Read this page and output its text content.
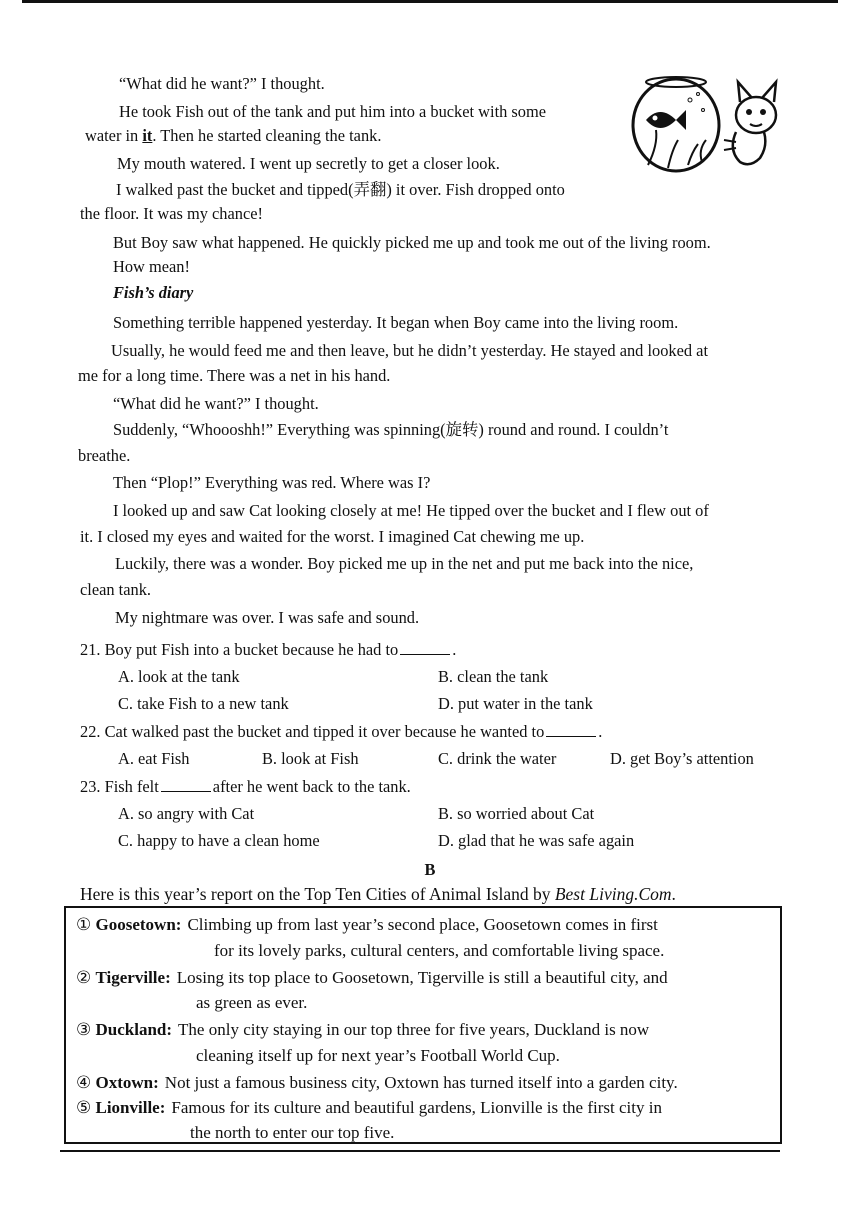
“What did he want?” I thought.
He took Fish out of the tank and put him into a bucket with some
water in it. Then he started cleaning the tank.
My mouth watered. I went up secretly to get a closer look.
I walked past the bucket and tipped(弄翻) it over. Fish dropped onto
the floor. It was my chance!
But Boy saw what happened. He quickly picked me up and took me out of the living room.
How mean!
Fish’s diary
Something terrible happened yesterday. It began when Boy came into the living room.
Usually, he would feed me and then leave, but he didn’t yesterday. He stayed and looked at
me for a long time. There was a net in his hand.
“What did he want?” I thought.
Suddenly, “Whoooshh!” Everything was spinning(旋转) round and round. I couldn’t
breathe.
Then “Plop!” Everything was red. Where was I?
I looked up and saw Cat looking closely at me! He tipped over the bucket and I flew out of
it. I closed my eyes and waited for the worst. I imagined Cat chewing me up.
Luckily, there was a wonder. Boy picked me up in the net and put me back into the nice,
clean tank.
My nightmare was over. I was safe and sound.
21. Boy put Fish into a bucket because he had to	.
A. look at the tank	B. clean the tank
C. take Fish to a new tank	D. put water in the tank
22. Cat walked past the bucket and tipped it over because he wanted to	.
A. eat Fish	B. look at Fish	C. drink the water	D. get Boy’s attention
23. Fish felt	after he went back to the tank.
A. so angry with Cat	B. so worried about Cat
C. happy to have a clean home	D. glad that he was safe again
B
Here is this year’s report on the Top Ten Cities of Animal Island by Best Living.Com.
① Goosetown: Climbing up from last year’s second place, Goosetown comes in first
for its lovely parks, cultural centers, and comfortable living space.
② Tigerville: Losing its top place to Goosetown, Tigerville is still a beautiful city, and
as green as ever.
③ Duckland: The only city staying in our top three for five years, Duckland is now
cleaning itself up for next year’s Football World Cup.
④ Oxtown: Not just a famous business city, Oxtown has turned itself into a garden city.
⑤ Lionville: Famous for its culture and beautiful gardens, Lionville is the first city in
the north to enter our top five.
